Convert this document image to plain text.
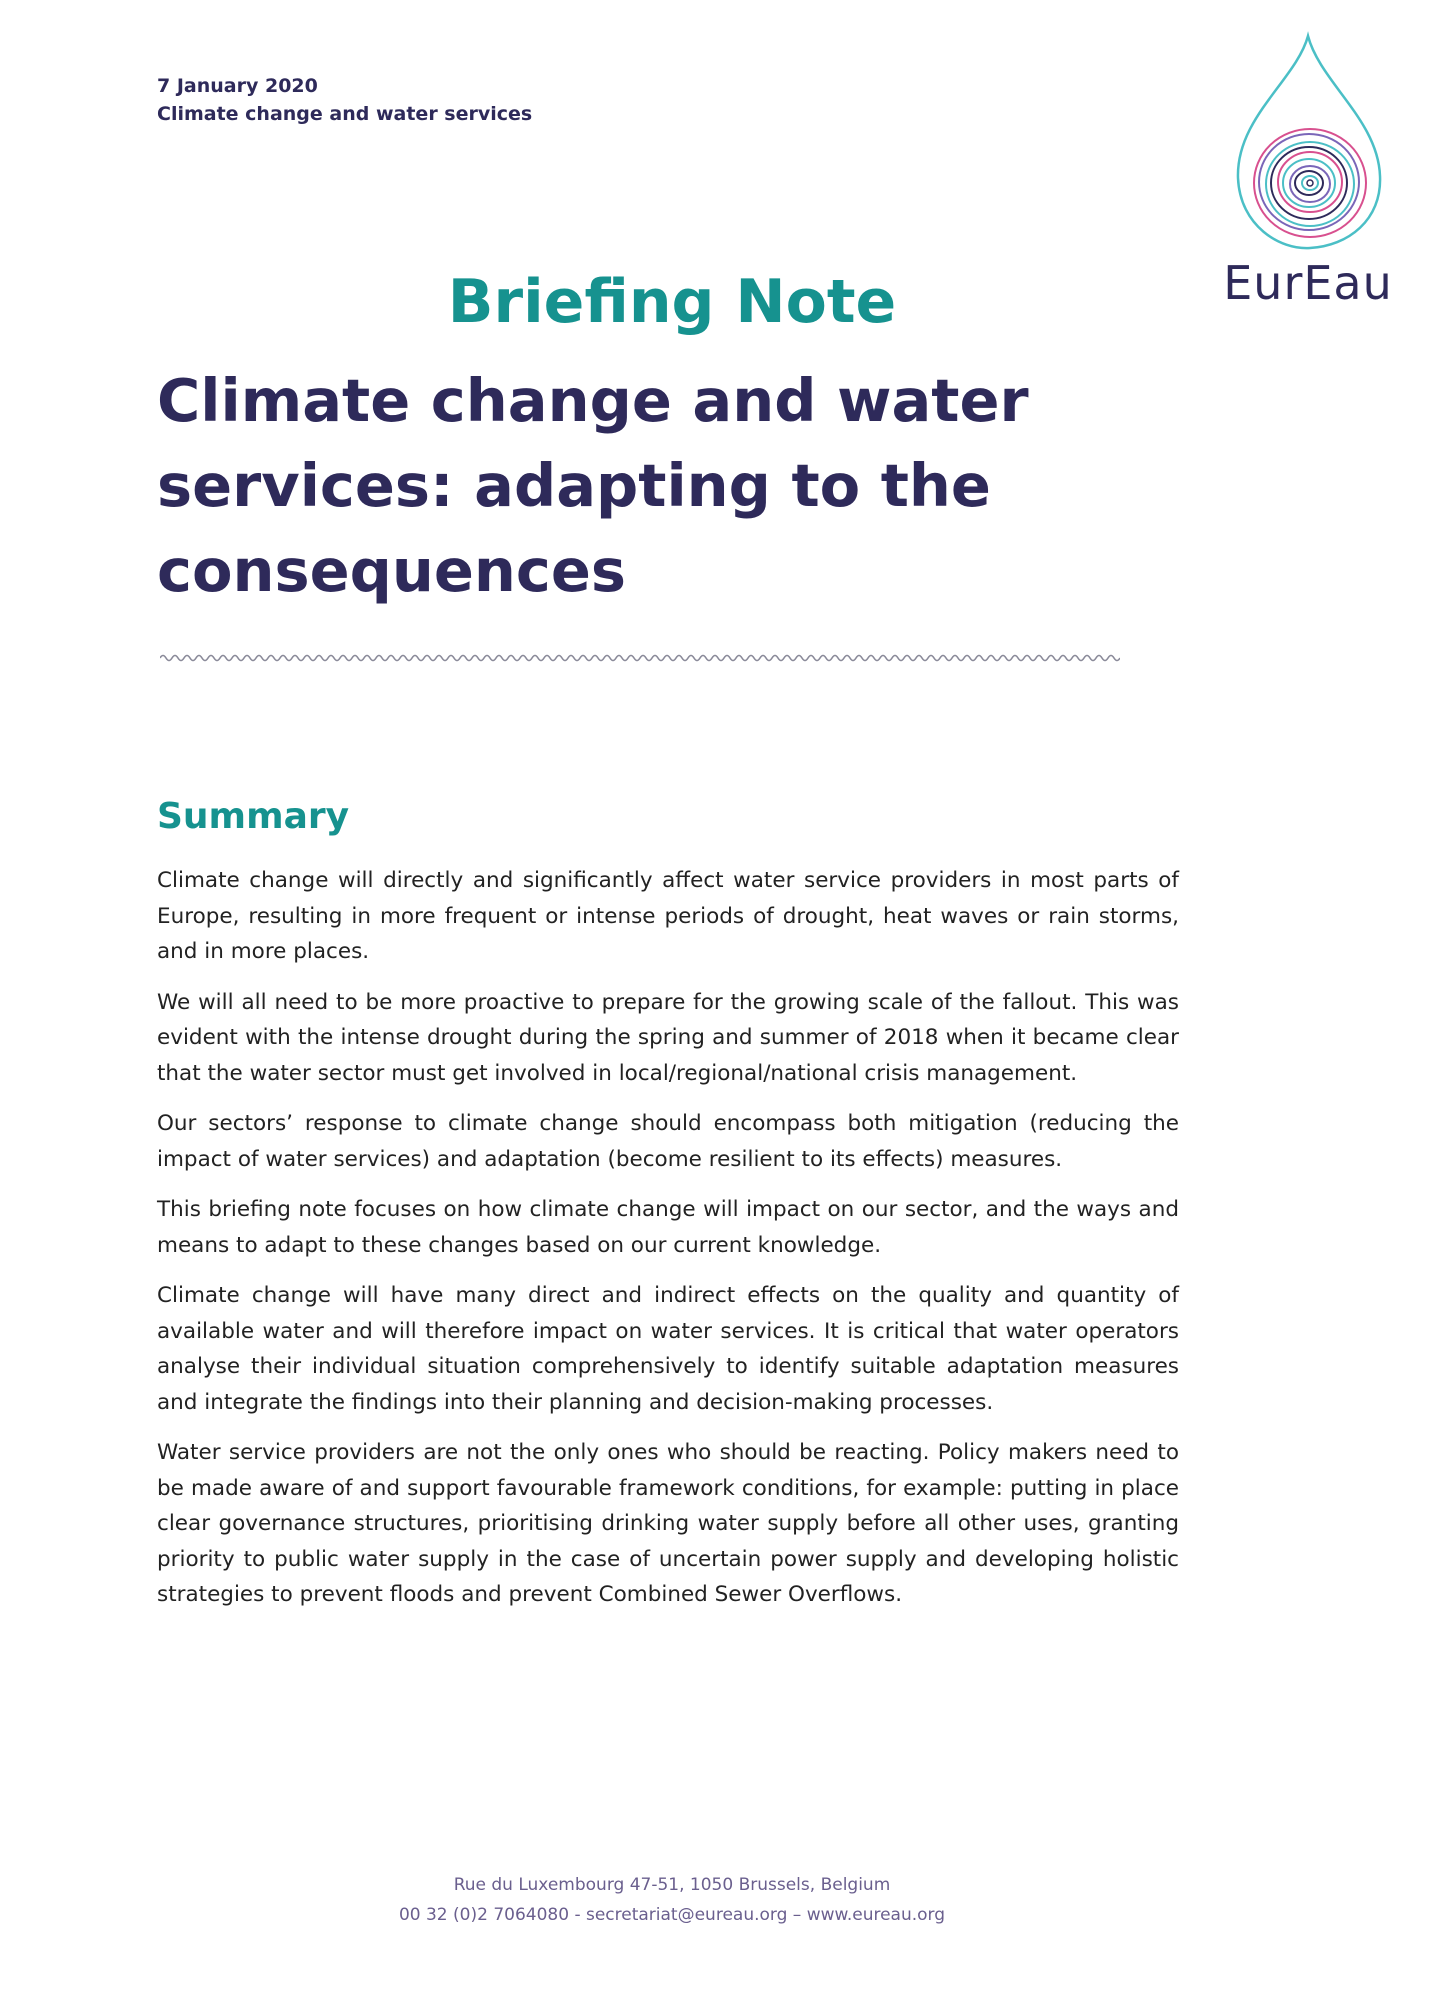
7 January 2020
Climate change and water services
EurEau
Briefing Note
Climate change and water
services: adapting to the
consequences
Summary

Climate change will directly and significantly affect water service providers in most parts of Europe, resulting in more frequent or intense periods of drought, heat waves or rain storms, and in more places.

We will all need to be more proactive to prepare for the growing scale of the fallout. This was evident with the intense drought during the spring and summer of 2018 when it became clear that the water sector must get involved in local/regional/national crisis management.

Our sectors’ response to climate change should encompass both mitigation (reducing the impact of water services) and adaptation (become resilient to its effects) measures.

This briefing note focuses on how climate change will impact on our sector, and the ways and means to adapt to these changes based on our current knowledge.

Climate change will have many direct and indirect effects on the quality and quantity of available water and will therefore impact on water services. It is critical that water operators analyse their individual situation comprehensively to identify suitable adaptation measures and integrate the findings into their planning and decision-making processes.

Water service providers are not the only ones who should be reacting. Policy makers need to be made aware of and support favourable framework conditions, for example: putting in place clear governance structures, prioritising drinking water supply before all other uses, granting priority to public water supply in the case of uncertain power supply and developing holistic strategies to prevent floods and prevent Combined Sewer Overflows.

Rue du Luxembourg 47-51, 1050 Brussels, Belgium
00 32 (0)2 7064080 - secretariat@eureau.org – www.eureau.org
